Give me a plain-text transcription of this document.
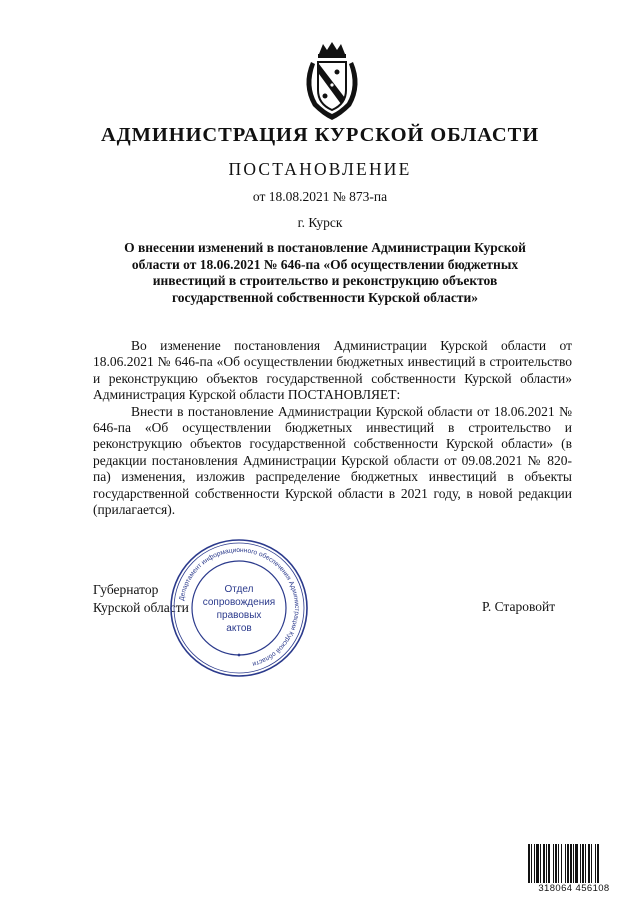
АДМИНИСТРАЦИЯ КУРСКОЙ ОБЛАСТИ
ПОСТАНОВЛЕНИЕ
от 18.08.2021 № 873-па
г. Курск
О внесении изменений в постановление Администрации Курской
области от 18.06.2021 № 646-па «Об осуществлении бюджетных
инвестиций в строительство и реконструкцию объектов
государственной собственности Курской области»

Во изменение постановления Администрации Курской области от 18.06.2021 № 646-па «Об осуществлении бюджетных инвестиций в строительство и реконструкцию объектов государственной собственности Курской области» Администрация Курской области ПОСТАНОВЛЯЕТ:

Внести в постановление Администрации Курской области от 18.06.2021 № 646-па «Об осуществлении бюджетных инвестиций в строительство и реконструкцию объектов государственной собственности Курской области» (в редакции постановления Администрации Курской области от 09.08.2021 № 820-па) изменения, изложив распределение бюджетных инвестиций в объекты государственной собственности Курской области в 2021 году, в новой редакции (прилагается).

Губернатор
Курской области	Р. Старовойт
Департамент информационного обеспечения Администрации Курской области
Отдел
сопровождения
правовых
актов
318064 456108
